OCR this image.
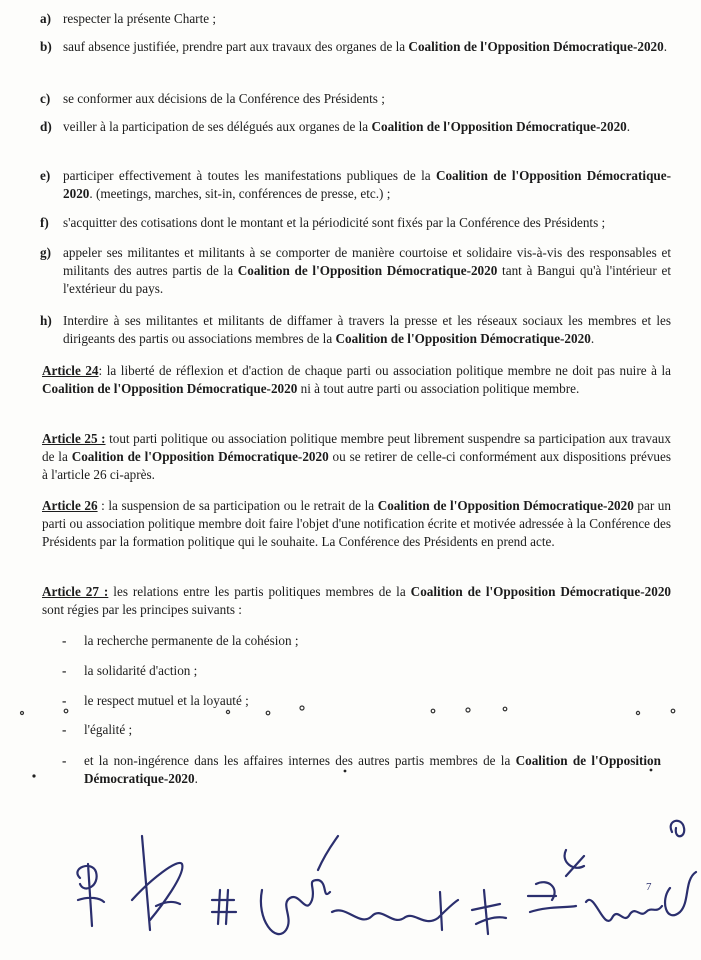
a) respecter la présente Charte ;
b) sauf absence justifiée, prendre part aux travaux des organes de la Coalition de l'Opposition Démocratique-2020.
c) se conformer aux décisions de la Conférence des Présidents ;
d) veiller à la participation de ses délégués aux organes de la Coalition de l'Opposition Démocratique-2020.
e) participer effectivement à toutes les manifestations publiques de la Coalition de l'Opposition Démocratique-2020. (meetings, marches, sit-in, conférences de presse, etc.) ;
f) s'acquitter des cotisations dont le montant et la périodicité sont fixés par la Conférence des Présidents ;
g) appeler ses militantes et militants à se comporter de manière courtoise et solidaire vis-à-vis des responsables et militants des autres partis de la Coalition de l'Opposition Démocratique-2020 tant à Bangui qu'à l'intérieur et l'extérieur du pays.
h) Interdire à ses militantes et militants de diffamer à travers la presse et les réseaux sociaux les membres et les dirigeants des partis ou associations membres de la Coalition de l'Opposition Démocratique-2020.
Article 24: la liberté de réflexion et d'action de chaque parti ou association politique membre ne doit pas nuire à la Coalition de l'Opposition Démocratique-2020 ni à tout autre parti ou association politique membre.
Article 25 : tout parti politique ou association politique membre peut librement suspendre sa participation aux travaux de la Coalition de l'Opposition Démocratique-2020 ou se retirer de celle-ci conformément aux dispositions prévues à l'article 26 ci-après.
Article 26 : la suspension de sa participation ou le retrait de la Coalition de l'Opposition Démocratique-2020 par un parti ou association politique membre doit faire l'objet d'une notification écrite et motivée adressée à la Conférence des Présidents par la formation politique qui le souhaite. La Conférence des Présidents en prend acte.
Article 27 : les relations entre les partis politiques membres de la Coalition de l'Opposition Démocratique-2020 sont régies par les principes suivants :
- la recherche permanente de la cohésion ;
- la solidarité d'action ;
- le respect mutuel et la loyauté ;
- l'égalité ;
- et la non-ingérence dans les affaires internes des autres partis membres de la Coalition de l'Opposition Démocratique-2020.
7
